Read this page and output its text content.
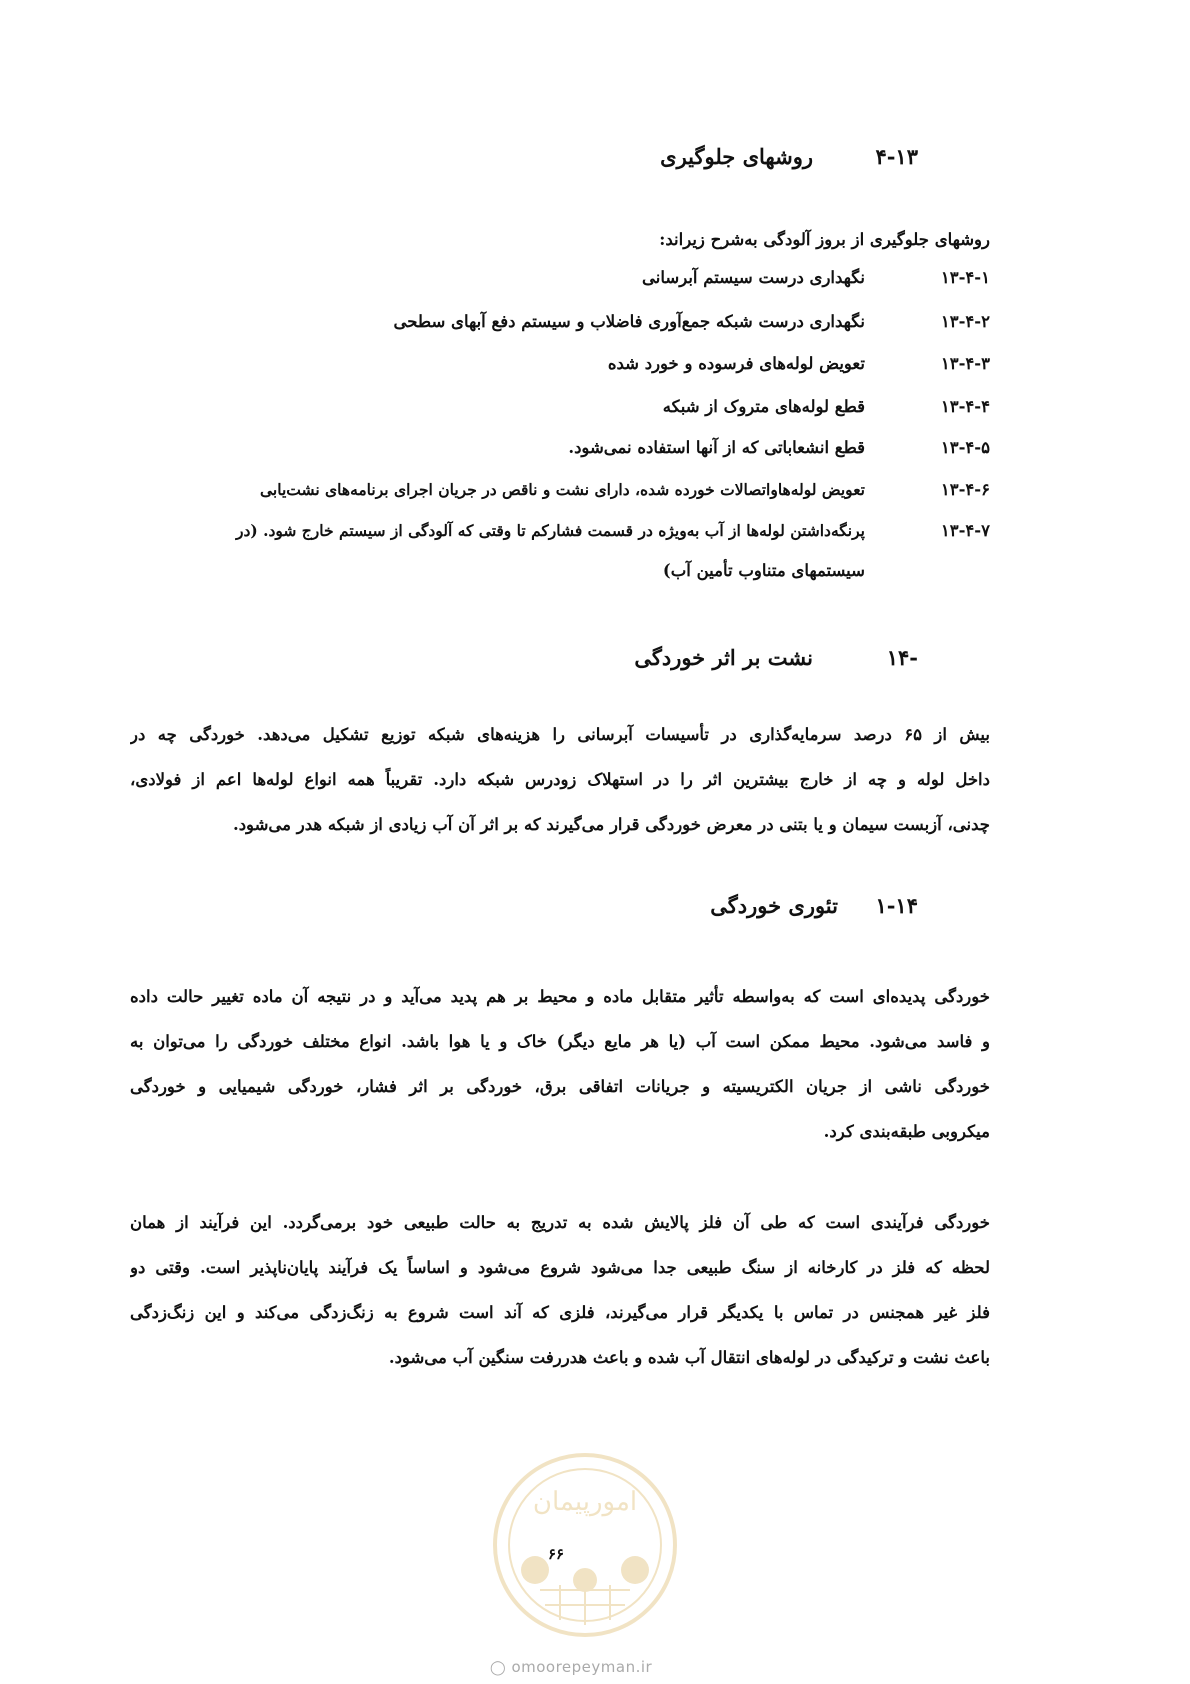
۴-۱۳
روشهای جلوگیری
روشهای جلوگیری از بروز آلودگی به‌شرح زیراند:
۱۳-۴-۱
نگهداری درست سیستم آبرسانی
۱۳-۴-۲
نگهداری درست شبکه جمع‌آوری فاضلاب و سیستم دفع آبهای سطحی
۱۳-۴-۳
تعویض لوله‌های فرسوده و خورد شده
۱۳-۴-۴
قطع لوله‌های متروک از شبکه
۱۳-۴-۵
قطع انشعاباتی که از آنها استفاده نمی‌شود.
۱۳-۴-۶
تعویض لوله‌هاواتصالات خورده شده، دارای نشت و ناقص در جریان اجرای برنامه‌های نشت‌یابی
۱۳-۴-۷
پرنگه‌داشتن لوله‌ها از آب به‌ویژه در قسمت فشارکم تا وقتی که آلودگی از سیستم خارج شود. (در
سیستمهای متناوب تأمین آب)
-۱۴
نشت بر اثر خوردگی
بیش از ۶۵ درصد سرمایه‌گذاری در تأسیسات آبرسانی را هزینه‌های شبکه توزیع تشکیل می‌دهد. خوردگی چه در
داخل لوله و چه از خارج بیشترین اثر را در استهلاک زودرس شبکه دارد. تقریباً همه انواع لوله‌ها اعم از فولادی،
چدنی، آزبست سیمان و یا بتنی در معرض خوردگی قرار می‌گیرند که بر اثر آن آب زیادی از شبکه هدر می‌شود.
۱-۱۴
تئوری خوردگی
خوردگی پدیده‌ای است که به‌واسطه تأثیر متقابل ماده و محیط بر هم پدید می‌آید و در نتیجه آن ماده تغییر حالت داده
و فاسد می‌شود. محیط ممکن است آب (یا هر مایع دیگر) خاک و یا هوا باشد. انواع مختلف خوردگی را می‌توان به
خوردگی ناشی از جریان الکتریسیته و جریانات اتفاقی برق، خوردگی بر اثر فشار، خوردگی شیمیایی و خوردگی
میکروبی طبقه‌بندی کرد.
خوردگی فرآیندی است که طی آن فلز پالایش شده به تدریج به حالت طبیعی خود برمی‌گردد. این فرآیند از همان
لحظه که فلز در کارخانه از سنگ طبیعی جدا می‌شود شروع می‌شود و اساساً یک فرآیند پایان‌ناپذیر است. وقتی دو
فلز غیر همجنس در تماس با یکدیگر قرار می‌گیرند، فلزی که آند است شروع به زنگ‌زدگی می‌کند و این زنگ‌زدگی
باعث نشت و ترکیدگی در لوله‌های انتقال آب شده و باعث هدررفت سنگین آب می‌شود.
امورپیمان
۶۶
◯ omoorepeyman.ir
